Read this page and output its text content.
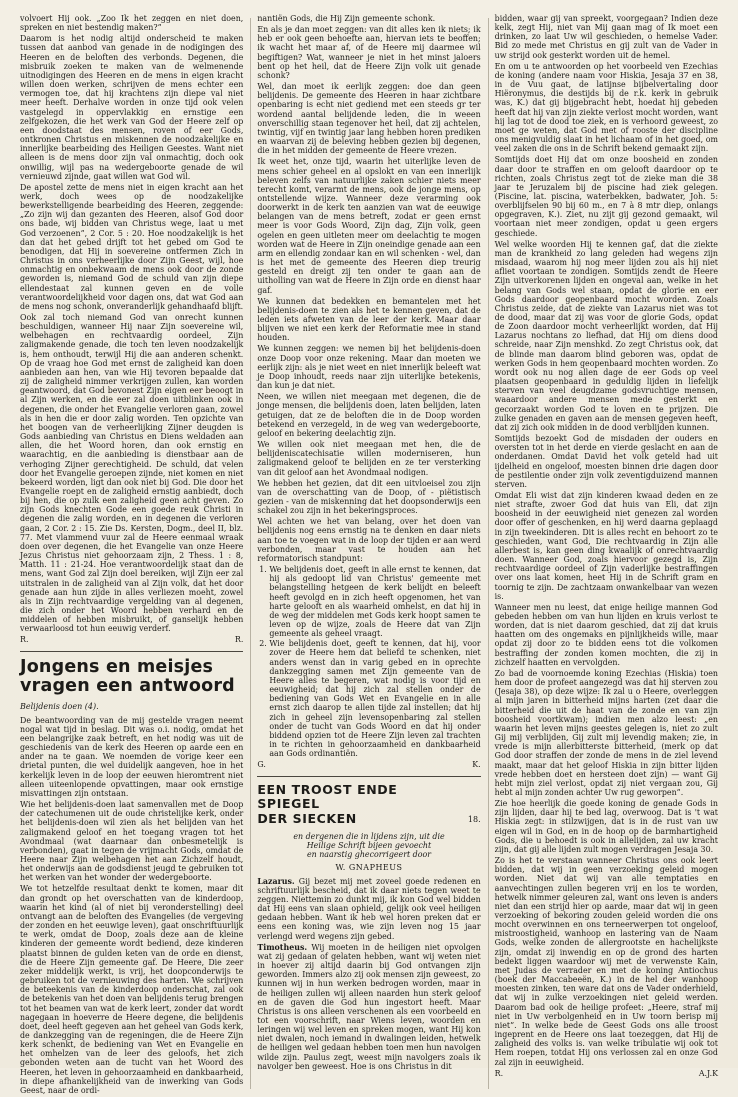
volvoert Hij ook. „Zoo Ik het zeggen en niet doen, spreken en niet bestendig maken?”

Daarom is het nodig altijd onderscheid te maken tussen dat aanbod van genade in de nodigingen des Heeren en de beloften des verbonds. Degenen, die misbruik zoeken te maken van de welmenende uitnodigingen des Heeren en de mens in eigen kracht willen doen werken, schrijven de mens echter een vermogen toe, dat hij krachtens zijn diepe val niet meer heeft. Derhalve worden in onze tijd ook velen vastgelegd in oppervlakkig en ernstige een zelfgekozen, die het werk van God der Heere zelf op een doodstaat des mensen, roven of eer Gods, ontkronen Christus en miskennen de noodzakelijke en innerlijke bearbeiding des Heiligen Geestes. Want niet alleen is de mens door zijn val onmachtig, doch ook onwillig, wijl pas na wedergeboorte genade de wil vernieuwd zijnde, gaat willen wat God wil.

De apostel zette de mens niet in eigen kracht aan het werk, doch wees op de noodzakelijke bewerkstelligende bearbeiding des Heeren, zeggende: „Zo zijn wij dan gezanten des Heeren, alsof God door ons bade, wij bidden van Christus wege, laat u met God verzoenen”, 2 Cor. 5 : 20. Hoe noodzakelijk is het dan dat het gebed drijft tot het gebed om God te benodigen, dat Hij in soevereine ontfermen Zich in Christus in ons verheerlijke door Zijn Geest, wijl, hoe onmachtig en onbekwaam de mens ook door de zonde geworden is, niemand God de schuld van zijn diepe ellendestaat zal kunnen geven en de volle verantwoordelijkheid voor dagen ons, dat wat God aan de mens nog schonk, onveranderlijk gehandhaafd blijft.

Ook zal toch niemand God van onrecht kunnen beschuldigen, wanneer Hij naar Zijn soevereine wil, welbehagen en rechtvaardig oordeel, Zijn zaligmakende genade, die toch ten leven noodzakelijk is, hem onthoudt, terwijl Hij die aan anderen schenkt. Op de vraag hoe God met ernst de zaligheid kan doen aanbieden aan hen, van wie Hij tevoren bepaalde dat zij de zaligheid nimmer verkrijgen zullen, kan worden geantwoord, dat God bevonest Zijn eigen eer beoogt in al Zijn werken, en die eer zal doen uitblinken ook in degenen, die onder het Evangelie verloren gaan, zowel als in hen die er door zalig worden. Ten opzichte van het boogen van de verheerlijking Zijner deugden is Gods aanbieding van Christus en Diens weldaden aan allen, die het Woord horen, dan ook ernstig en waarachtig, en die aanbieding is dienstbaar aan de verhoging Zijner gerechtigheid. De schuld, dat velen door het Evangelie geroepen zijnde, niet komen en niet bekeerd worden, ligt dan ook niet bij God. Die door het Evangelie roept en de zaligheid ernstig aanbiedt, doch bij hen, die op zulk een zaligheid geen acht geven. Zo zijn Gods knechten Gode een goede reuk Christi in degenen die zalig worden, en in degenen die verloren gaan, 2 Cor. 2 : 15. Zie Ds. Kersten, Dogm., deel II, blz. 77. Met vlammend vuur zal de Heere eenmaal wraak doen over degenen, die het Evangelie van onze Heere Jezus Christus niet gehoorzaam zijn, 2 Thess. 1 : 8, Matth. 11 : 21-24. Hoe verantwoordelijk staat dan de mens, want God zal Zijn doel bereiken, wijl Zijn eer zal uitstralen in de zaligheid van al Zijn volk, dat het door genade aan hun zijde in alles verliezen moeht, zowel als in Zijn rechtvaardige vergelding van al degenen, die zich onder het Woord hebben verhard en de middelen of hebben misbruikt, of ganselijk hebben verwaarloosd tot hun eeuwig verderf.

R.	R.
Jongens en meisjes vragen een antwoord
Belijdenis doen (4).

De beantwoording van de mij gestelde vragen neemt nogal wat tijd in beslag. Dit was o.i. nodig, omdat het een belangrijke zaak betreft, en het nodig was uit de geschiedenis van de kerk des Heeren op aarde een en ander na te gaan. We noemden de vorige keer een drietal punten, die wel duidelijk aangeven, hoe in het kerkelijk leven in de loop der eeuwen hieromtrent niet alleen uiteenlopende opvattingen, maar ook ernstige misvattingen zijn ontstaan.

Wie het belijdenis-doen laat samenvallen met de Doop der catechumenen uit de oude christelijke kerk, onder het belijdenis-doen wil zien als het belijden van het zaligmakend geloof en het toegang vragen tot het Avondmaal (wat daarnaar dan onbesmetelijk is verbonden), gaat in tegen de vrijmacht Gods, omdat de Heere naar Zijn welbehagen het aan Zichzelf houdt, het onderwijs aan de godsdienst jeugd te gebruiken tot het werken van het wonder der wedergeboorte.

We tot hetzelfde resultaat denkt te komen, maar dit dan grondt op het overschatten van de kinderdoop, waarin het kind (al of niet bij veronderstelling) deel ontvangt aan de beloften des Evangelies (de vergeving der zonden en het eeuwige leven), gaat onschriftuurlijk te werk, omdat de Doop, zoals deze aan de kleine kinderen der gemeente wordt bediend, deze kinderen plaatst binnen de gulden keten van de orde en dienst, die de Heere Zijn gemeente gaf. De Heere, Die zeer zeker middelijk werkt, is vrij, het doopconderwijs te gebruiken tot de vernieuwing des harten. We schrijven de beteekenis van de kinderdoop onderschat, zal ook de betekenis van het doen van belijdenis terug brengen tot het beamen van wat de kerk leert, zonder dat wordt nagegaan in hoeverre de Heere degene, die belijdenis doet, deel heeft gegeven aan het geheel van Gods kerk, de dankzegging van de regeningen, die de Heere Zijn kerk schenkt, de bediening van Wet en Evangelie en het omhelzen van de leer des geloofs, het zich gebonden weten aan de tucht van het Woord des Heeren, het leven in gehoorzaamheid en dankbaarheid, in diepe afhankelijkheid van de inwerking van Gods Geest, naar de ordi-

nantiën Gods, die Hij Zijn gemeente schonk.

En als je dan moet zeggen: van dit alles ken ik niets; ik heb er ook geen behoefte aan, hiervan iets te beoffen; ik wacht het maar af, of de Heere mij daarmee wil begiftigen? Wat, wanneer je niet in het minst jaloers bent op het heil, dat de Heere Zijn volk uit genade schonk?

Wel, dan moet ik eerlijk zeggen: doe dan geen belijdenis. De gemeente des Heeren in haar zichtbare openbaring is echt niet gediend met een steeds gr ter wordend aantal belijdende leden, die in weeen onverschillig staan tegenover het heil, dat zij achtelen, twintig, vijf en twintig jaar lang hebben horen prediken en waarvan zij de beleving hebben gezien bij degenen, die in het midden der gemeente de Heere vrezen.

Ik weet het, onze tijd, waarin het uiterlijke leven de mens schier geheel en al opslokt en van een innerlijk beleven zelfs van natuurlijke zaken schier niets meer terecht komt, verarmt de mens, ook de jonge mens, op ontstellende wijze. Wanneer deze verarming ook doorwerkt in de kerk ten aanzien van wat de eeuwige belangen van de mens betreft, zodat er geen ernst meer is voor Gods Woord, Zijn dag, Zijn volk, geen ogelen en geen uitleten meer om deelachtig te mogen worden wat de Heere in Zijn oneindige genade aan een arm en ellendig zondaar kan en wil schenken - wel, dan is het met de gemeente des Heeren diep treurig gesteld en dreigt zij ten onder te gaan aan de uitholling van wat de Heere in Zijn orde en dienst haar gaf.

We kunnen dat bedekken en bemantelen met het belijdenis-doen te zien als het te kennen geven, dat de leden iets afweten van de leer der kerk. Maar daar blijven we niet een kerk der Reformatie mee in stand houden.

We kunnen zeggen: we nemen bij het belijdenis-doen onze Doop voor onze rekening. Maar dan moeten we eerlijk zijn: als je niet weet en niet innerlijk beleeft wat je Doop inhoudt, reeds naar zijn uiterlijke betekenis, dan kun je dat niet.

Neen, we willen niet meegaan met degenen, die de jonge mensen, die belijdenis doen, laten belijden, laten getuigen, dat ze de beloften die in de Doop worden betekend en verzegeld, in de weg van wedergeboorte, geloof en bekering deelachtig zijn.

We willen ook niet meegaan met hen, die de belijdeniscatechisatie willen moderniseren, hun zaligmakend geloof te belijden en ze ter versterking van dit geloof aan het Avondmaal nodigen.

We hebben het gezien, dat dit een uitvloeisel zou zijn van de overschatting van de Doop, of - piëtistisch gezien - van de miskenning dat het doopsonderwijs een schakel zou zijn in het bekeringsproces.

Wel achten we het van belang, over het doen van belijdenis nog eens ernstig na te denken en daar niets aan toe te voegen wat in de loop der tijden er aan werd verbonden, maar vast te houden aan het reformatorisch standpunt:

1. We belijdenis doet, geeft in alle ernst te kennen, dat hij als gedoopt lid van Christus' gemeente met belangstelling hetgeen de kerk belijdt en beleeft heeft gevolgd en in zich heeft opgenomen, het van harte gelooft en als waarheid omhelst, en dat hij in de weg der middelen met Gods kerk hoopt samen te leven op de wijze, zoals de Heere dat van Zijn gemeente als geheel vraagt.
2. Wie belijdenis doet, geeft te kennen, dat hij, voor zover de Heere hem dat beliefd te schenken, niet anders wenst dan in varig gebed en in oprechte dankzegging samen met Zijn gemeente van de Heere alles te begeren, wat nodig is voor tijd en eeuwigheid; dat hij zich zal stellen onder de bediening van Gods Wet en Evangelie en in alle ernst zich daarop te allen tijde zal instellen; dat hij zich in geheel zijn levensopenbaring zal stellen onder de tucht van Gods Woord en dat hij onder biddend opzien tot de Heere Zijn leven zal trachten in te richten in gehoorzaamheid en dankbaarheid aan Gods ordinantiën.
G.	K.
EEN TROOST ENDE SPIEGEL
DER SIECKEN	18.

en dergenen die in lijdens zijn, uit die

Heilige Schrift bijeen gevoecht

en naarstig ghecorrigeert door

W. GNAPHEUS

Lazarus. Gij bezet mij met zoveel goede redenen en schriftuurlijk bescheid, dat ik daar niets tegen weet te zeggen. Niettemin zo dunkt mij, ik kon God wel bidden dat Hij eens van slaan ophield, gelijk ook veel heiligen gedaan hebben. Want ik heb wel horen preken dat er eens een koning was, wie zijn leven nog 15 jaar verlengd werd wegens zijn gebed.

Timotheus. Wij moeten in de heiligen niet opvolgen wat zij gedaan of gelaten hebben, want wij weten niet in hoever zij altijd daarin bij God ontvangen zijn geworden. Immers alzo zij ook mensen zijn geweest, zo kunnen wij in hun werken bedrogen worden, maar in de heiligen zullen wij alleen naarden hun sterk geloof en de gaven die God hun ingestort heeft. Maar Christus is ons alleen verschenen als een voorbeeld en tot een voorschrift, naar Wiens leven, woorden en leringen wij wel leven en spreken mogen, want Hij kon niet dwalen, noch iemand in dwalingen leiden, hetwelk de heiligen wel gedaan hebben toen men hun navolgen wilde zijn. Paulus zegt, weest mijn navolgers zoals ik navolger ben geweest. Hoe is ons Christus in dit

bidden, waar gij van spreekt, voorgegaan? Indien deze kelk, zegt Hij, niet van Mij gaan mag of Ik moet een drinken, zo laat Uw wil geschieden, o hemelse Vader. Bid zo mede met Christus en gij zult van de Vader in uw strijd ook gesterkt worden uit de hemel.

En om u te antwoorden op het voorbeeld ven Ezechias de koning (andere naam voor Hiskia, Jesaja 37 en 38, in de Vuu gaat, de latijnse bijbelvertaling door Hiëronymus, die destijds bij de r.k. kerk in gebruik was, K.) dat gij bijgebracht hebt, hoedat hij gebeden heeft dat hij van zijn ziekte verlost mocht worden, want hij lag tot de dood toe ziek, en is verhoord geweest, zo moet ge weten, dat God met of rooste der discipline ons menigvuldig slaat in het lichaam of in het goed, om veel zaken die ons in de Schrift bekend gemaakt zijn.

Somtijds doet Hij dat om onze boosheid en zonden daar door te straffen en om gelooft daardoor op te richten, zoals Christus zegt tot de zieke man die 38 jaar te Jeruzalem bij de piscine had ziek gelegen. (Piscine, lat. piscina, waterbekken, badwater, Joh. 5: overblijfselen 90 bij 60 m., en 7 à 8 mtr diep, onlangs opgegraven, K.). Ziet, nu zijt gij gezond gemaakt, wil voortaan niet meer zondigen, opdat u geen ergers geschiede.

Wel welke woorden Hij te kennen gaf, dat die ziekte man de krankheid zo lang geleden had wegens zijn misdaad, waarom hij nog meer lijden zou als hij niet afliet voortaan te zondigen. Somtijds zendt de Heere Zijn uitverkorenen lijden en ongeval aan, welke in het belang van Gods wel staan, opdat de glorie en eer Gods daardoor geopenbaard mocht worden. Zoals Christus zeide, dat de ziekte van Lazarus niet was tot de dood, maar dat zij was voor de glorie Gods, opdat de Zoon daardoor mocht verheerlijkt worden, dat Hij Lazarus nochtans zo liefhad, dat Hij om diens dood schreide, naar Zijn menshkd. Zo zegt Christus ook, dat de blinde man daarom blind geboren was, opdat de werken Gods in hem geopenbaard mochten worden. Zo wordt ook nu nog allen dage de eer Gods op veel plaatsen geopenbaard in geduldig lijden in liefelijk sterven van veel deugdzame godsvruchtige mensen, waaardoor andere mensen mede gesterkt en gecorzaakt worden God te loven en te prijzen. Die zulke genaden en gaven aan de mensen gegeven heeft, dat zij zich ook midden in de dood verblijden kunnen.

Somtijds bezoekt God de misdaden der ouders en oversten tot in het derde en vierde geslacht en aan de onderdanen. Omdat David het volk geteld had uit ijdelheid en ongeloof, moesten binnen drie dagen door de pestilentie onder zijn volk zeventigduizend mannen sterven.

Omdat Eli wist dat zijn kinderen kwaad deden en ze niet strafte, zwoer God dat huis van Eli, dat zijn boosheid in der eeuwigheid niet genezen zal worden door offer of geschenken, en hij werd daarna geplaagd in zijn tweekinderen. Dit is alles recht en behoort zo te geschieden, want God, Die rechtvaardig in Zijn alle allerbest is, kan geen ding kwaalijk of onrechtvaardig doen. Wanneer God, zoals hiervoor gezegd is, Zijn rechtvaardige oordeel of Zijn vaderlijke bestraffingen over ons laat komen, heet Hij in de Schrift gram en toornig te zijn. De zachtzaam onwankelbaar van wezen is.

Wanneer men nu leest, dat enige heilige mannen God gebeden hebben om van hun lijden en kruis verlost te worden, dat is niet daarom geschied, dat zij dat kruis haatten om des ongemaks en pijnlijkheids wille, maar opdat zij door zo te bidden eens tot die volkomen bestraffing der zonden komen mochten, die zij in zichzelf haatten en vervolgden.

Zo bad de voornoemde koning Ezechias (Hiskia) toen hem door de profeet aangezegd was dat hij sterven zou (Jesaja 38), op deze wijze: Ik zal u o Heere, overleggen al mijn jaren in bitterheid mijns harten (zet daar die bitterheid die uit de haat van de zonde en van zijn boosheid voortkwam); indien men alzo leest: „en waarin het leven mijns geestes gelegen is, niet zo zult Gij mij verblijden, Gij zult mij levendig maken; zie, in vrede is mijn allerbitterste bitterheid, (merk op dat God door straffen der zonde de mens in de ziel levend maakt, maar dat het geloof Hiskia in zijn bitter lijden vrede hebben doet en hersteen doet zijn) — want Gij hebt mijn ziel verlost, opdat zij niet vergaan zou, Gij hebt al mijn zonden achter Uw rug geworpen”.

Zie hoe heerlijk die goede koning de genade Gods in zijn lijden, daar hij te bed lag, overwoog. Dat is 't wat Hiskia zegt: in stilzwijgen, dat is in de rust van uw eigen wil in God, en in de hoop op de barmhartigheid Gods, die u behoedt is ook in allelijden, zal uw kracht zijn, dat gij alle lijden zult mogen verdragen Jesaja 30.

Zo is het te verstaan wanneer Christus ons ook leert bidden, dat wij in geen verzoeking geleid mogen worden. Niet dat wij van alle temptaties en aanvechtingen zullen begeren vrij en los te worden, hetwelk nimmer geleuren zal, want ons leven is anders niet dan een strijd hier op aarde, maar dat wij in geen verzoeking of bekoring zouden geleid worden die ons mocht overwinnen en ons terneerwerpen tot ongeloof, mistroostigheid, wanhoop en lastering van de Naam Gods, welke zonden de allergrootste en hachelijkste zijn, omdat zij inwendig en op de grond des harten bedekt liggen waardoor wij met de verwenste Kain, met Judas de verrader en met de koning Antiochus (boek der Maccabeeën, K.) in de hel der wanhoop moesten zinken, ten ware dat ons de Vader onderhield, dat wij in zulke verzoekingen niet geleid werden. Daarom bad ook de heilige profeet: „Heere, straf mij niet in Uw verbolgenheid en in Uw toorn berisp mij niet”. In welke bede de Geest Gods ons alle troost ingeprent en de Heere ons laat toezeggen, dat Hij de zaligheid des volks is. van welke tribulatie wij ook tot Hem roepen, totdat Hij ons verlossen zal en onze God zal zijn in eeuwigheid.

R.	A.J.K
